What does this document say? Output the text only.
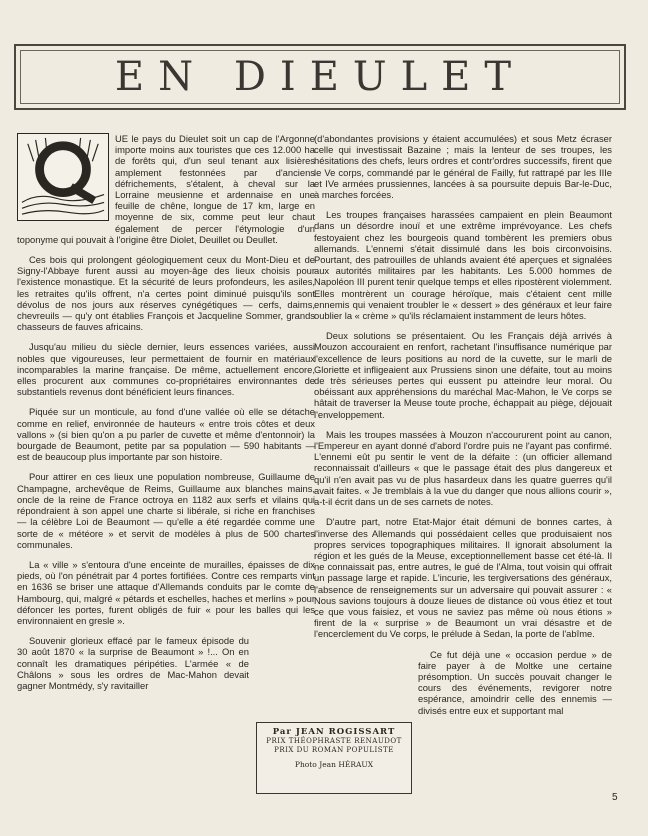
EN DIEULET

UE le pays du Dieulet soit un cap de l'Argonne importe moins aux touristes que ces 12.000 ha de forêts qui, d'un seul tenant aux lisières amplement festonnées par d'anciens défrichements, s'étalent, à cheval sur la Lorraine meusienne et ardennaise en une feuille de chêne, longue de 17 km, large en moyenne de six, comme peut leur chaut également de percer l'étymologie d'un toponyme qui pouvait à l'origine être Diolet, Deuillet ou Deullet.

Ces bois qui prolongent géologiquement ceux du Mont-Dieu et de Signy-l'Abbaye furent aussi au moyen-âge des lieux choisis pour l'existence monastique. Et la sécurité de leurs profondeurs, les asiles, les retraites qu'ils offrent, n'a certes point diminué puisqu'ils sont dévolus de nos jours aux réserves cynégétiques — cerfs, daims, chevreuils — qu'y ont établies François et Jacqueline Sommer, grands chasseurs de fauves africains.

Jusqu'au milieu du siècle dernier, leurs essences variées, aussi nobles que vigoureuses, leur permettaient de fournir en matériaux incomparables la marine française. De même, actuellement encore, elles procurent aux communes co-propriétaires environnantes de substantiels revenus dont bénéficient leurs finances.

Piquée sur un monticule, au fond d'une vallée où elle se détache comme en relief, environnée de hauteurs « entre trois côtes et deux vallons » (si bien qu'on a pu parler de cuvette et même d'entonnoir) la bourgade de Beaumont, petite par sa population — 590 habitants — est de beaucoup plus importante par son histoire.

Pour attirer en ces lieux une population nombreuse, Guillaume de Champagne, archevêque de Reims, Guillaume aux blanches mains, oncle de la reine de France octroya en 1182 aux serfs et vilains qui répondraient à son appel une charte si libérale, si riche en franchises — la célèbre Loi de Beaumont — qu'elle a été regardée comme une sorte de « météore » et servit de modèles à plus de 500 chartes communales.

La « ville » s'entoura d'une enceinte de murailles, épaisses de dix pieds, où l'on pénétrait par 4 portes fortifiées. Contre ces remparts vint en 1636 se briser une attaque d'Allemands conduits par le comte de Hambourg, qui, malgré « pétards et eschelles, haches et merlins » pour défoncer les portes, furent obligés de fuir « pour les balles qui les environnaient en gresle ».

Souvenir glorieux effacé par le fameux épisode du 30 août 1870 « la surprise de Beaumont » !... On en connaît les dramatiques péripéties. L'armée « de Châlons » sous les ordres de Mac-Mahon devait gagner Montmédy, s'y ravitailler

(d'abondantes provisions y étaient accumulées) et sous Metz écraser celle qui investissait Bazaine ; mais la lenteur de ses troupes, les hésitations des chefs, leurs ordres et contr'ordres successifs, firent que le Ve corps, commandé par le général de Failly, fut rattrapé par les IIIe et IVe armées prussiennes, lancées à sa poursuite depuis Bar-le-Duc, à marches forcées.

Les troupes françaises harassées campaient en plein Beaumont dans un désordre inouï et une extrême imprévoyance. Les chefs festoyaient chez les bourgeois quand tombèrent les premiers obus allemands. L'ennemi s'était dissimulé dans les bois circonvoisins. Pourtant, des patrouilles de uhlands avaient été aperçues et signalées aux autorités militaires par les habitants. Les 5.000 hommes de Napoléon III purent tenir quelque temps et elles ripostèrent violemment. Elles montrèrent un courage héroïque, mais c'étaient cent mille ennemis qui venaient troubler le « dessert » des généraux et leur faire oublier la « crème » qu'ils réclamaient instamment de leurs hôtes.

Deux solutions se présentaient. Ou les Français déjà arrivés à Mouzon accouraient en renfort, rachetant l'insuffisance numérique par l'excellence de leurs positions au nord de la cuvette, sur le marli de Gloriette et infligeaient aux Prussiens sinon une défaite, tout au moins de très sérieuses pertes qui eussent pu atteindre leur moral. Ou obéissant aux appréhensions du maréchal Mac-Mahon, le Ve corps se hâtait de traverser la Meuse toute proche, échappait au piège, déjouait l'enveloppement.

Mais les troupes massées à Mouzon n'accoururent point au canon, l'Empereur en ayant donné d'abord l'ordre puis ne l'ayant pas confirmé. L'ennemi eût pu sentir le vent de la défaite : (un officier allemand reconnaissait d'ailleurs « que le passage était des plus dangereux et qu'il n'en avait pas vu de plus hasardeux dans les quatre guerres qu'il avait faites. « Je tremblais à la vue du danger que nous allions courir », a-t-il écrit dans un de ses carnets de notes.

D'autre part, notre Etat-Major était démuni de bonnes cartes, à l'inverse des Allemands qui possédaient celles que produisaient nos propres services topographiques militaires. Il ignorait absolument la région et les gués de la Meuse, exceptionnellement basse cet été-là. Il ne connaissait pas, entre autres, le gué de l'Alma, tout voisin qui offrait un passage large et rapide. L'incurie, les tergiversations des généraux, l'absence de renseignements sur un adversaire qui pouvait assurer : « Nous savions toujours à douze lieues de distance où vous étiez et tout ce que vous faisiez, et vous ne saviez pas même où nous étions » firent de la « surprise » de Beaumont un vrai désastre et de l'encerclement du Ve corps, le prélude à Sedan, la porte de l'abîme.

Ce fut déjà une « occasion perdue » de faire payer à de Moltke une certaine présomption. Un succès pouvait changer le cours des événements, revigorer notre espérance, amoindrir celle des ennemis — divisés entre eux et supportant mal

Par JEAN ROGISSART
PRIX THÉOPHRASTE RENAUDOT
PRIX DU ROMAN POPULISTE
Photo Jean HÉRAUX
5
